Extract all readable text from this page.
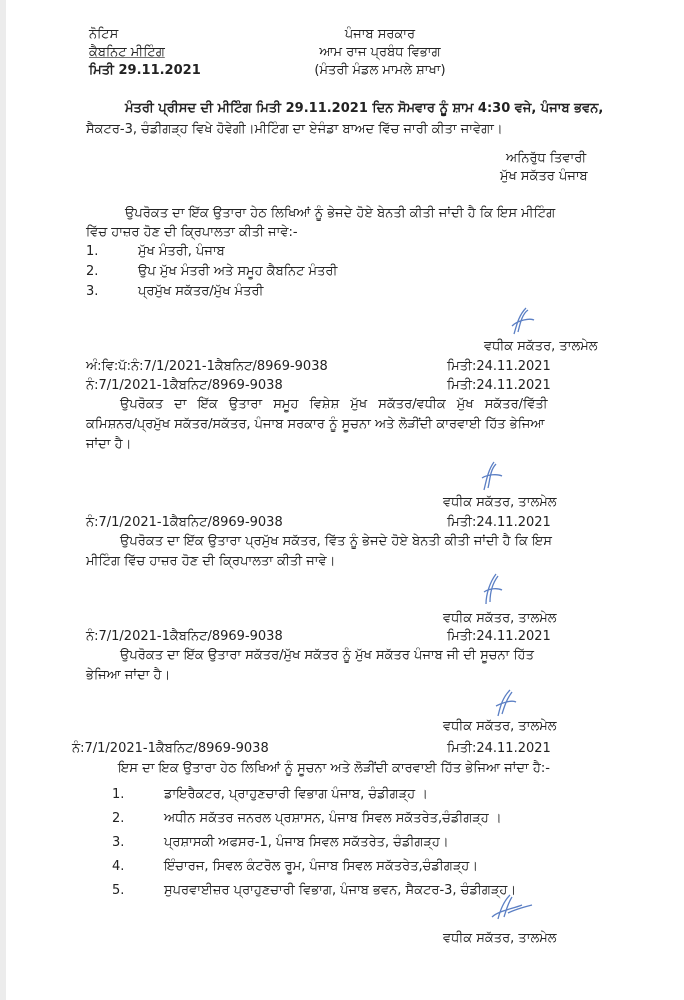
ਨੋਟਿਸ
ਕੈਬਨਿਟ ਮੀਟਿੰਗ
ਮਿਤੀ 29.11.2021
ਪੰਜਾਬ ਸਰਕਾਰ
ਆਮ ਰਾਜ ਪ੍ਰਬੰਧ ਵਿਭਾਗ
(ਮੰਤਰੀ ਮੰਡਲ ਮਾਮਲੇ ਸ਼ਾਖਾ)
ਮੰਤਰੀ ਪ੍ਰੀਸਦ ਦੀ ਮੀਟਿੰਗ ਮਿਤੀ 29.11.2021 ਦਿਨ ਸੋਮਵਾਰ ਨੂੰ ਸ਼ਾਮ 4:30 ਵਜੇ, ਪੰਜਾਬ ਭਵਨ,
ਸੈਕਟਰ-3, ਚੰਡੀਗੜ੍ਹ ਵਿਖੇ ਹੋਵੇਗੀ।ਮੀਟਿੰਗ ਦਾ ਏਜੰਡਾ ਬਾਅਦ ਵਿੱਚ ਜਾਰੀ ਕੀਤਾ ਜਾਵੇਗਾ।
ਅਨਿਰੁੱਧ ਤਿਵਾਰੀ
ਮੁੱਖ ਸਕੱਤਰ ਪੰਜਾਬ
ਉਪਰੋਕਤ ਦਾ ਇੱਕ ਉਤਾਰਾ ਹੇਠ ਲਿਖਿਆਂ ਨੂੰ ਭੇਜਦੇ ਹੋਏ ਬੇਨਤੀ ਕੀਤੀ ਜਾਂਦੀ ਹੈ ਕਿ ਇਸ ਮੀਟਿੰਗ
ਵਿੱਚ ਹਾਜ਼ਰ ਹੋਣ ਦੀ ਕ੍ਰਿਪਾਲਤਾ ਕੀਤੀ ਜਾਵੇ:-
1.	ਮੁੱਖ ਮੰਤਰੀ, ਪੰਜਾਬ
2.	ਉਪ ਮੁੱਖ ਮੰਤਰੀ ਅਤੇ ਸਮੂਹ ਕੈਬਨਿਟ ਮੰਤਰੀ
3.	ਪ੍ਰਮੁੱਖ ਸਕੱਤਰ/ਮੁੱਖ ਮੰਤਰੀ
ਵਧੀਕ ਸਕੱਤਰ, ਤਾਲਮੇਲ
ਅੰ:ਵਿ:ਪੱ:ਨੰ:7/1/2021-1ਕੈਬਨਿਟ/8969-9038	ਮਿਤੀ:24.11.2021
ਨੰ:7/1/2021-1ਕੈਬਨਿਟ/8969-9038	ਮਿਤੀ:24.11.2021
ਉਪਰੋਕਤ ਦਾ ਇੱਕ ਉਤਾਰਾ ਸਮੂਹ ਵਿਸ਼ੇਸ਼ ਮੁੱਖ ਸਕੱਤਰ/ਵਧੀਕ ਮੁੱਖ ਸਕੱਤਰ/ਵਿੱਤੀ
ਕਮਿਸ਼ਨਰ/ਪ੍ਰਮੁੱਖ ਸਕੱਤਰ/ਸਕੱਤਰ, ਪੰਜਾਬ ਸਰਕਾਰ ਨੂੰ ਸੂਚਨਾ ਅਤੇ ਲੋੜੀਂਦੀ ਕਾਰਵਾਈ ਹਿੱਤ ਭੇਜਿਆ
ਜਾਂਦਾ ਹੈ।
ਵਧੀਕ ਸਕੱਤਰ, ਤਾਲਮੇਲ
ਨੰ:7/1/2021-1ਕੈਬਨਿਟ/8969-9038	ਮਿਤੀ:24.11.2021
ਉਪਰੋਕਤ ਦਾ ਇੱਕ ਉਤਾਰਾ ਪ੍ਰਮੁੱਖ ਸਕੱਤਰ, ਵਿੱਤ ਨੂੰ ਭੇਜਦੇ ਹੋਏ ਬੇਨਤੀ ਕੀਤੀ ਜਾਂਦੀ ਹੈ ਕਿ ਇਸ
ਮੀਟਿੰਗ ਵਿੱਚ ਹਾਜ਼ਰ ਹੋਣ ਦੀ ਕ੍ਰਿਪਾਲਤਾ ਕੀਤੀ ਜਾਵੇ।
ਵਧੀਕ ਸਕੱਤਰ, ਤਾਲਮੇਲ
ਨੰ:7/1/2021-1ਕੈਬਨਿਟ/8969-9038	ਮਿਤੀ:24.11.2021
ਉਪਰੋਕਤ ਦਾ ਇੱਕ ਉਤਾਰਾ ਸਕੱਤਰ/ਮੁੱਖ ਸਕੱਤਰ ਨੂੰ ਮੁੱਖ ਸਕੱਤਰ ਪੰਜਾਬ ਜੀ ਦੀ ਸੂਚਨਾ ਹਿੱਤ
ਭੇਜਿਆ ਜਾਂਦਾ ਹੈ।
ਵਧੀਕ ਸਕੱਤਰ, ਤਾਲਮੇਲ
ਨੰ:7/1/2021-1ਕੈਬਨਿਟ/8969-9038	ਮਿਤੀ:24.11.2021
ਇਸ ਦਾ ਇਕ ਉਤਾਰਾ ਹੇਠ ਲਿਖਿਆਂ ਨੂੰ ਸੂਚਨਾ ਅਤੇ ਲੋੜੀਂਦੀ ਕਾਰਵਾਈ ਹਿੱਤ ਭੇਜਿਆ ਜਾਂਦਾ ਹੈ:-
1.	ਡਾਇਰੈਕਟਰ, ਪ੍ਰਾਹੁਣਚਾਰੀ ਵਿਭਾਗ ਪੰਜਾਬ, ਚੰਡੀਗੜ੍ਹ ।
2.	ਅਧੀਨ ਸਕੱਤਰ ਜਨਰਲ ਪ੍ਰਸ਼ਾਸਨ, ਪੰਜਾਬ ਸਿਵਲ ਸਕੱਤਰੇਤ,ਚੰਡੀਗੜ੍ਹ ।
3.	ਪ੍ਰਸ਼ਾਸਕੀ ਅਫਸਰ-1, ਪੰਜਾਬ ਸਿਵਲ ਸਕੱਤਰੇਤ, ਚੰਡੀਗੜ੍ਹ।
4.	ਇੰਚਾਰਜ, ਸਿਵਲ ਕੰਟਰੋਲ ਰੂਮ, ਪੰਜਾਬ ਸਿਵਲ ਸਕੱਤਰੇਤ,ਚੰਡੀਗੜ੍ਹ।
5.	ਸੁਪਰਵਾਈਜ਼ਰ ਪ੍ਰਾਹੁਣਚਾਰੀ ਵਿਭਾਗ, ਪੰਜਾਬ ਭਵਨ, ਸੈਕਟਰ-3, ਚੰਡੀਗੜ੍ਹ।
ਵਧੀਕ ਸਕੱਤਰ, ਤਾਲਮੇਲ
